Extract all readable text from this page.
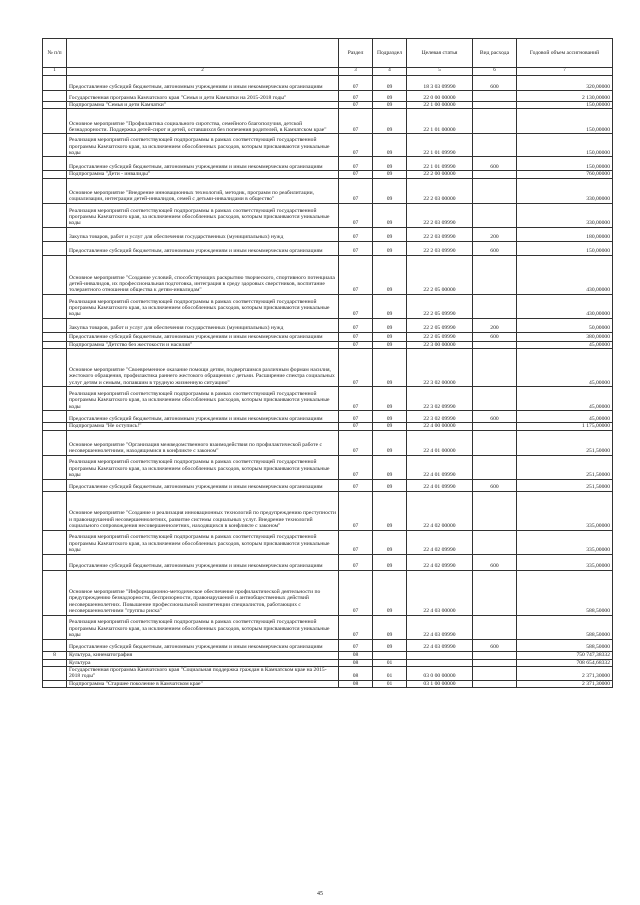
№ п/п		Раздел	Подраздел	Целевая статья	Вид расхода	Годовой объем ассигнований
1	2	3	4	5	6	7
	Предоставление субсидий бюджетным, автономным учреждениям и иным некоммерческим организациям	07	09	18 3 03 09990	600	320,00000
	Государственная программа Камчатского края "Семья и дети Камчатки на 2015-2018 годы"	07	09	22 0 00 00000		2 130,00000
	Подпрограмма "Семья и дети Камчатки"	07	09	22 1 00 00000		150,00000
	Основное мероприятие "Профилактика социального сиротства, семейного благополучия, детской безнадзорности. Поддержка детей-сирот и детей, оставшихся без попечения родителей, в Камчатском крае"	07	09	22 1 01 00000		150,00000
	Реализация мероприятий соответствующей подпрограммы в рамках соответствующей государственной программы Камчатского края, за исключением обособленных расходов, которым присваиваются уникальные коды	07	09	22 1 01 09990		150,00000
	Предоставление субсидий бюджетным, автономным учреждениям и иным некоммерческим организациям	07	09	22 1 01 09990	600	150,00000
	Подпрограмма "Дети - инвалиды"	07	09	22 2 00 00000		760,00000
	Основное мероприятие "Внедрение инновационных технологий, методик, программ по реабилитации, социализации, интеграции детей-инвалидов, семей с детьми-инвалидами в общество"	07	09	22 2 03 00000		330,00000
	Реализация мероприятий соответствующей подпрограммы в рамках соответствующей государственной программы Камчатского края, за исключением обособленных расходов, которым присваиваются уникальные коды	07	09	22 2 03 09990		330,00000
	Закупка товаров, работ и услуг для обеспечения государственных (муниципальных) нужд	07	09	22 2 03 09990	200	180,00000
	Предоставление субсидий бюджетным, автономным учреждениям и иным некоммерческим организациям	07	09	22 2 03 09990	600	150,00000
	Основное мероприятие "Создание условий, способствующих раскрытию творческого, спортивного потенциала детей-инвалидов, их профессиональная подготовка, интеграция в среду здоровых сверстников, воспитание толерантного отношения общества к детям-инвалидам"	07	09	22 2 05 00000		430,00000
	Реализация мероприятий соответствующей подпрограммы в рамках соответствующей государственной программы Камчатского края, за исключением обособленных расходов, которым присваиваются уникальные коды	07	09	22 2 05 09990		430,00000
	Закупка товаров, работ и услуг для обеспечения государственных (муниципальных) нужд	07	09	22 2 05 09990	200	50,00000
	Предоставление субсидий бюджетным, автономным учреждениям и иным некоммерческим организациям	07	09	22 2 05 09990	600	380,00000
	Подпрограмма "Детство без жестокости и насилия"	07	09	22 3 00 00000		45,00000
	Основное мероприятие "Своевременное оказание помощи детям, подвергшимся различным формам насилия, жестокого обращения, профилактика раннего жестокого обращения с детьми. Расширение спектра социальных услуг детям и семьям, попавшим в трудную жизненную ситуацию"	07	09	22 3 02 00000		45,00000
	Реализация мероприятий соответствующей подпрограммы в рамках соответствующей государственной программы Камчатского края, за исключением обособленных расходов, которым присваиваются уникальные коды	07	09	22 3 02 09990		45,00000
	Предоставление субсидий бюджетным, автономным учреждениям и иным некоммерческим организациям	07	09	22 3 02 09990	600	45,00000
	Подпрограмма "Не оступись!"	07	09	22 4 00 00000		1 175,00000
	Основное мероприятие "Организация межведомственного взаимодействия по профилактической работе с несовершеннолетними, находящимися в конфликте с законом"	07	09	22 4 01 00000		251,50000
	Реализация мероприятий соответствующей подпрограммы в рамках соответствующей государственной программы Камчатского края, за исключением обособленных расходов, которым присваиваются уникальные коды	07	09	22 4 01 09990		251,50000
	Предоставление субсидий бюджетным, автономным учреждениям и иным некоммерческим организациям	07	09	22 4 01 09990	600	251,50000
	Основное мероприятие "Создание и реализация инновационных технологий по предупреждению преступности и правонарушений несовершеннолетних, развитие системы социальных услуг. Внедрение технологий социального сопровождения несовершеннолетних, находящихся в конфликте с законом"	07	09	22 4 02 00000		335,00000
	Реализация мероприятий соответствующей подпрограммы в рамках соответствующей государственной программы Камчатского края, за исключением обособленных расходов, которым присваиваются уникальные коды	07	09	22 4 02 09990		335,00000
	Предоставление субсидий бюджетным, автономным учреждениям и иным некоммерческим организациям	07	09	22 4 02 09990	600	335,00000
	Основное мероприятие "Информационно-методическое обеспечение профилактической деятельности по предупреждению безнадзорности, беспризорности, правонарушений и антиобщественных действий несовершеннолетних. Повышение профессиональной компетенции специалистов, работающих с несовершеннолетними "группы риска"	07	09	22 4 03 00000		588,50000
	Реализация мероприятий соответствующей подпрограммы в рамках соответствующей государственной программы Камчатского края, за исключением обособленных расходов, которым присваиваются уникальные коды	07	09	22 4 03 09990		588,50000
	Предоставление субсидий бюджетным, автономным учреждениям и иным некоммерческим организациям	07	09	22 4 03 09990	600	588,50000
8	Культура, кинематография	08				750 747,38332
	Культура	08	01			708 654,68332
	Государственная программа Камчатского края "Социальная поддержка граждан в Камчатском крае на 2015-2018 годы"	08	01	03 0 00 00000		2 371,30000
	Подпрограмма "Старшее поколение в Камчатском крае"	08	01	03 1 00 00000		2 371,30000
45
